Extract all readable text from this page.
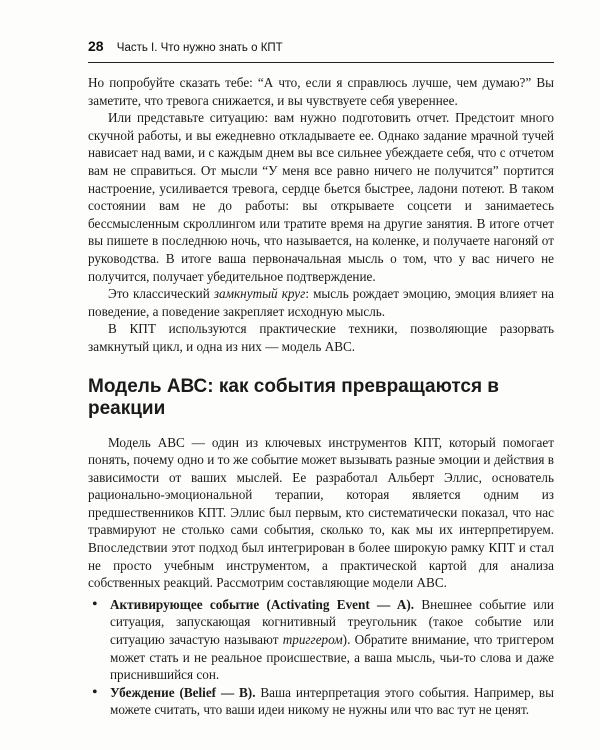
28 Часть I. Что нужно знать о КПТ

Но попробуйте сказать тебе: “А что, если я справлюсь лучше, чем думаю?” Вы заметите, что тревога снижается, и вы чувствуете себя увереннее.

Или представьте ситуацию: вам нужно подготовить отчет. Предстоит много скучной работы, и вы ежедневно откладываете ее. Однако задание мрачной тучей нависает над вами, и с каждым днем вы все сильнее убеждаете себя, что с отчетом вам не справиться. От мысли “У меня все равно ничего не получится” портится настроение, усиливается тревога, сердце бьется быстрее, ладони потеют. В таком состоянии вам не до работы: вы открываете соцсети и занимаетесь бессмысленным скроллингом или тратите время на другие занятия. В итоге отчет вы пишете в последнюю ночь, что называется, на коленке, и получаете нагоняй от руководства. В итоге ваша первоначальная мысль о том, что у вас ничего не получится, получает убедительное подтверждение.

Это классический замкнутый круг: мысль рождает эмоцию, эмоция влияет на поведение, а поведение закрепляет исходную мысль.

В КПТ используются практические техники, позволяющие разорвать замкнутый цикл, и одна из них — модель АВС.

Модель АВС: как события превращаются в реакции

Модель АВС — один из ключевых инструментов КПТ, который помогает понять, почему одно и то же событие может вызывать разные эмоции и действия в зависимости от ваших мыслей. Ее разработал Альберт Эллис, основатель рационально-эмоциональной терапии, которая является одним из предшественников КПТ. Эллис был первым, кто систематически показал, что нас травмируют не столько сами события, сколько то, как мы их интерпретируем. Впоследствии этот подход был интегрирован в более широкую рамку КПТ и стал не просто учебным инструментом, а практической картой для анализа собственных реакций. Рассмотрим составляющие модели АВС.

• Активирующее событие (Activating Event — A). Внешнее событие или ситуация, запускающая когнитивный треугольник (такое событие или ситуацию зачастую называют триггером). Обратите внимание, что триггером может стать и не реальное происшествие, а ваша мысль, чьи-то слова и даже приснившийся сон.
• Убеждение (Belief — B). Ваша интерпретация этого события. Например, вы можете считать, что ваши идеи никому не нужны или что вас тут не ценят.
